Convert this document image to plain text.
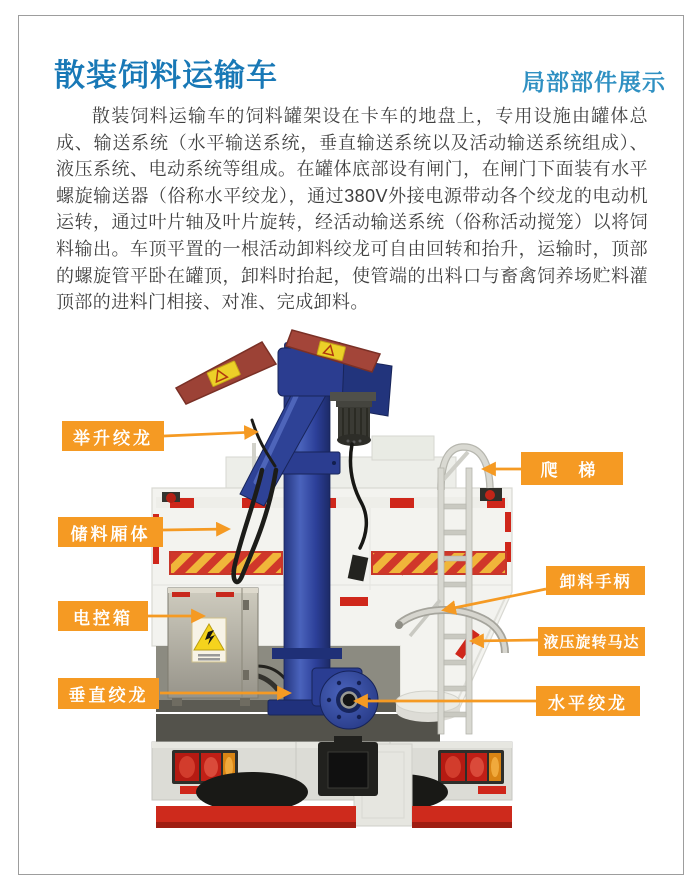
散装饲料运输车	局部部件展示

散装饲料运输车的饲料罐架设在卡车的地盘上，专用设施由罐体总成、输送系统（水平输送系统，垂直输送系统以及活动输送系统组成）、液压系统、电动系统等组成。在罐体底部设有闸门，在闸门下面装有水平螺旋输送器（俗称水平绞龙），通过380V外接电源带动各个绞龙的电动机运转，通过叶片轴及叶片旋转，经活动输送系统（俗称活动搅笼）以将饲料输出。车顶平置的一根活动卸料绞龙可自由回转和抬升，运输时，顶部的螺旋管平卧在罐顶，卸料时抬起，使管端的出料口与畜禽饲养场贮料灌顶部的进料门相接、对准、完成卸料。

举升绞龙
储料厢体
电控箱
垂直绞龙
爬 梯
卸料手柄
液压旋转马达
水平绞龙
